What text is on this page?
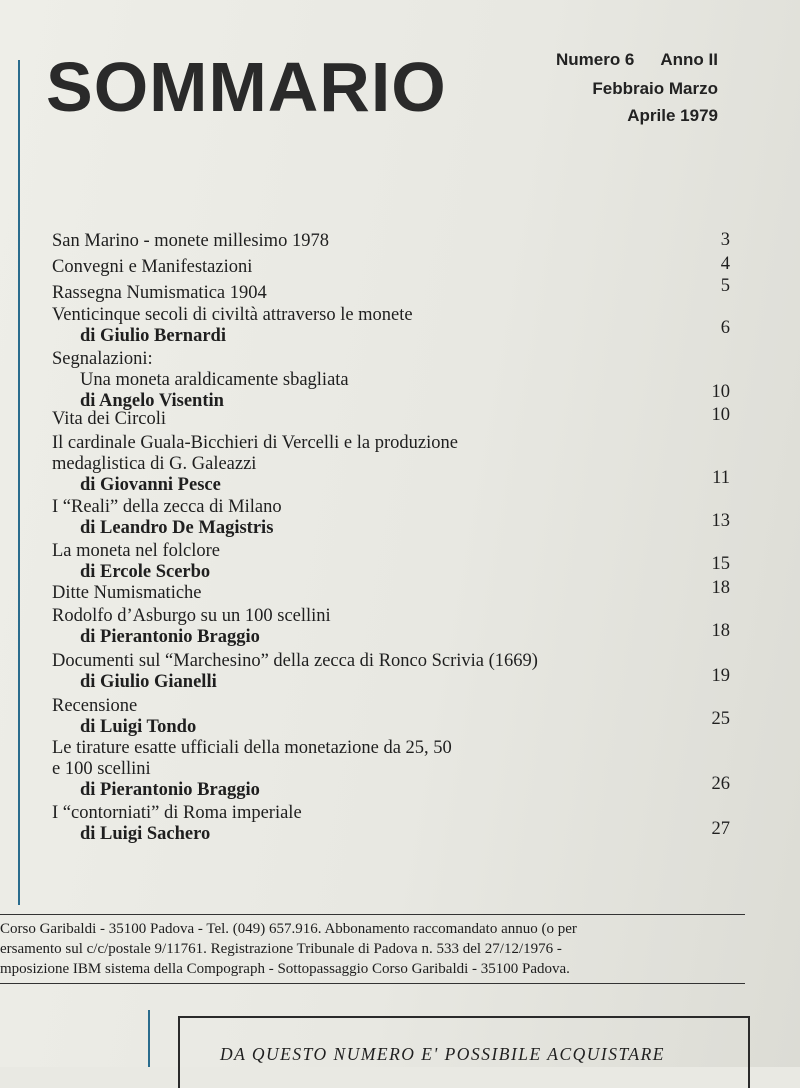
SOMMARIO	Numero 6 Anno II
Febbraio Marzo
Aprile 1979
San Marino - monete millesimo 1978	3
Convegni e Manifestazioni	4
Rassegna Numismatica 1904	5
Venticinque secoli di civiltà attraverso le monete
di Giulio Bernardi	6
Segnalazioni:
Una moneta araldicamente sbagliata
di Angelo Visentin	10
Vita dei Circoli	10
Il cardinale Guala-Bicchieri di Vercelli e la produzione
medaglistica di G. Galeazzi
di Giovanni Pesce	11
I “Reali” della zecca di Milano
di Leandro De Magistris	13
La moneta nel folclore
di Ercole Scerbo	15
Ditte Numismatiche	18
Rodolfo d’Asburgo su un 100 scellini
di Pierantonio Braggio	18
Documenti sul “Marchesino” della zecca di Ronco Scrivia (1669)
di Giulio Gianelli	19
Recensione
di Luigi Tondo	25
Le tirature esatte ufficiali della monetazione da 25, 50
e 100 scellini
di Pierantonio Braggio	26
I “contorniati” di Roma imperiale
di Luigi Sachero	27
Corso Garibaldi - 35100 Padova - Tel. (049) 657.916. Abbonamento raccomandato annuo (o per
ersamento sul c/c/postale 9/11761. Registrazione Tribunale di Padova n. 533 del 27/12/1976 -
mposizione IBM sistema della Compograph - Sottopassaggio Corso Garibaldi - 35100 Padova.
DA QUESTO NUMERO E' POSSIBILE ACQUISTARE
